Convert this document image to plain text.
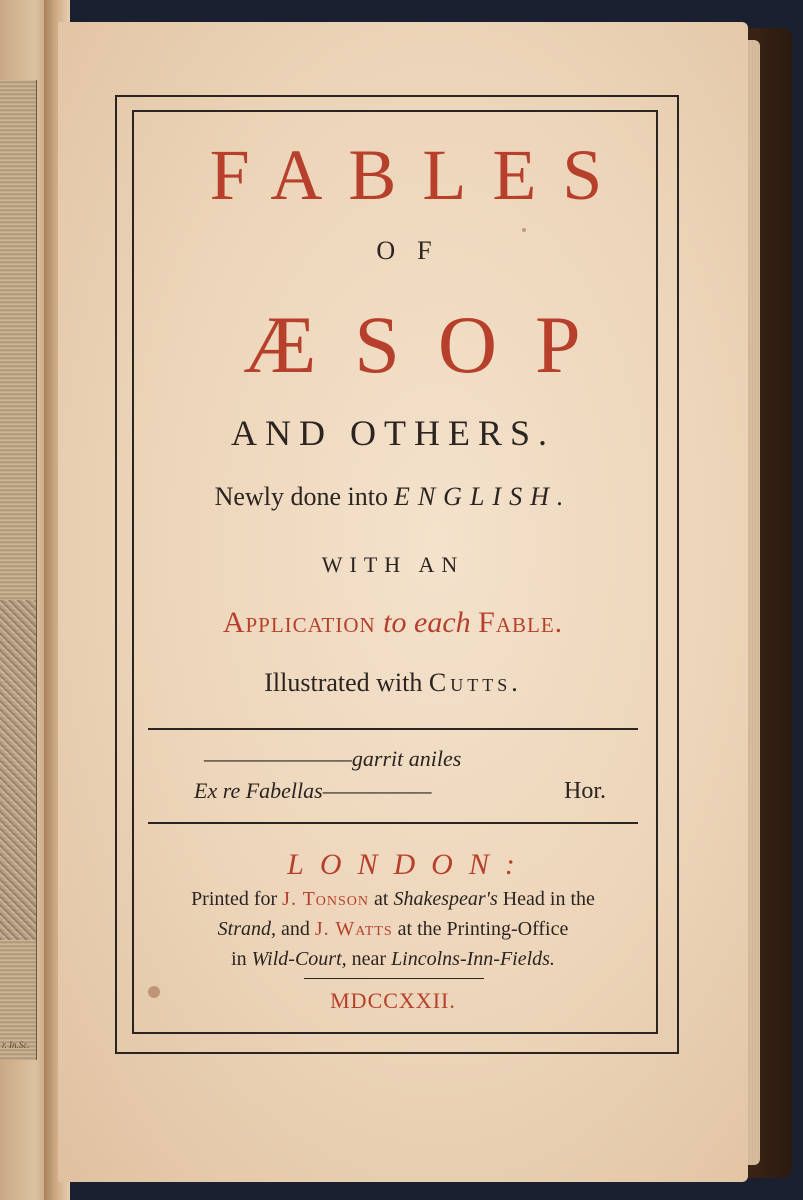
r. In.Sc.
FABLES
OF
ÆSOP
AND OTHERS.
Newly done into ENGLISH.
WITH AN
Application to each Fable.
Illustrated with Cutts.
————–———garrit aniles
Ex re Fabellas———–——	Hor.
LONDON:
Printed for J. Tonson at Shakespear's Head in the
Strand, and J. Watts at the Printing-Office
in Wild-Court, near Lincolns-Inn-Fields.
MDCCXXII.
